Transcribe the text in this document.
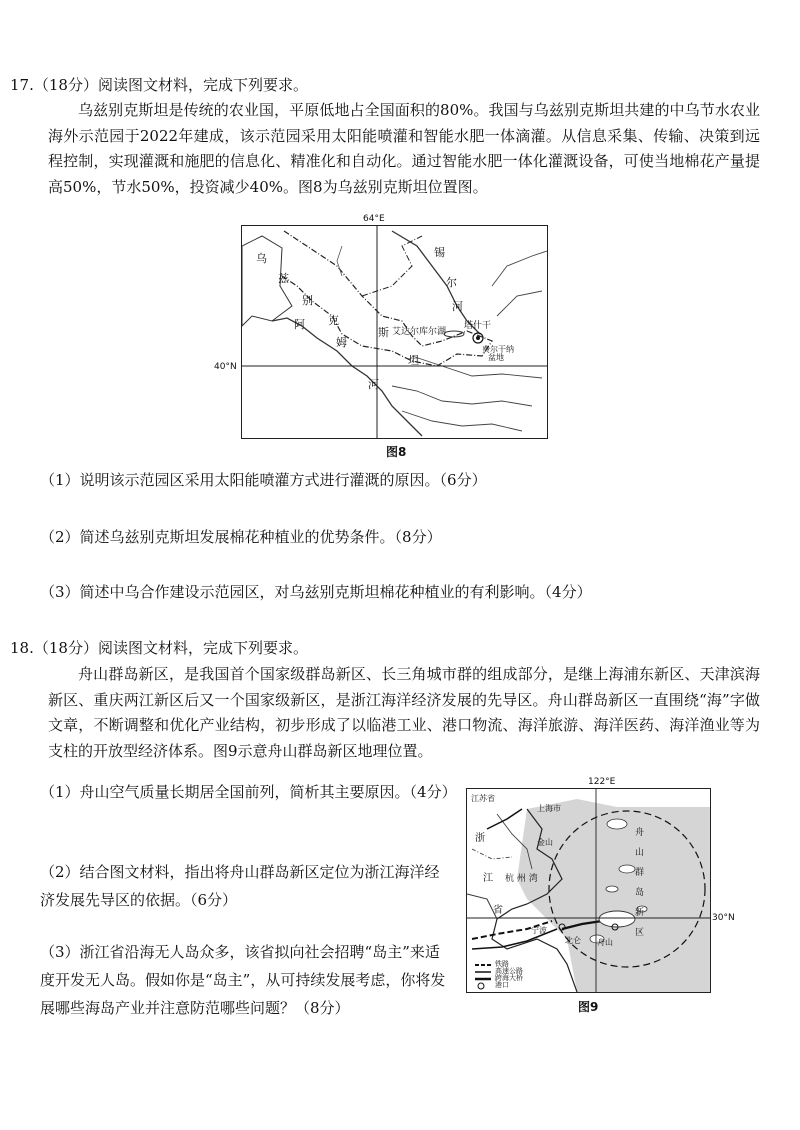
17.（18分）阅读图文材料，完成下列要求。
乌兹别克斯坦是传统的农业国，平原低地占全国面积的80%。我国与乌兹别克斯坦共建的中乌节水农业海外示范园于2022年建成，该示范园采用太阳能喷灌和智能水肥一体滴灌。从信息采集、传输、决策到远程控制，实现灌溉和施肥的信息化、精准化和自动化。通过智能水肥一体化灌溉设备，可使当地棉花产量提高50%，节水50%，投资减少40%。图8为乌兹别克斯坦位置图。
64°E
40°N
乌
兹
别
克
斯
坦
阿
姆
河
锡
尔
河
塔什干
费尔干纳
盆地
艾达尔库尔湖
图8
（1）说明该示范园区采用太阳能喷灌方式进行灌溉的原因。（6分）
（2）简述乌兹别克斯坦发展棉花种植业的优势条件。（8分）
（3）简述中乌合作建设示范园区，对乌兹别克斯坦棉花种植业的有利影响。（4分）
18.（18分）阅读图文材料，完成下列要求。
舟山群岛新区，是我国首个国家级群岛新区、长三角城市群的组成部分，是继上海浦东新区、天津滨海新区、重庆两江新区后又一个国家级新区，是浙江海洋经济发展的先导区。舟山群岛新区一直围绕“海”字做文章，不断调整和优化产业结构，初步形成了以临港工业、港口物流、海洋旅游、海洋医药、海洋渔业等为支柱的开放型经济体系。图9示意舟山群岛新区地理位置。
（1）舟山空气质量长期居全国前列，简析其主要原因。（4分）
（2）结合图文材料，指出将舟山群岛新区定位为浙江海洋经济发展先导区的依据。（6分）
（3）浙江省沿海无人岛众多，该省拟向社会招聘“岛主”来适度开发无人岛。假如你是“岛主”，从可持续发展考虑，你将发展哪些海岛产业并注意防范哪些问题？（8分）
122°E
30°N
江苏省
上海市
金山
浙
江
省
杭 州 湾
宁波
北仑 舟山
舟
山
群
岛
新
区
铁路
高速公路
跨海大桥
港口
图9
